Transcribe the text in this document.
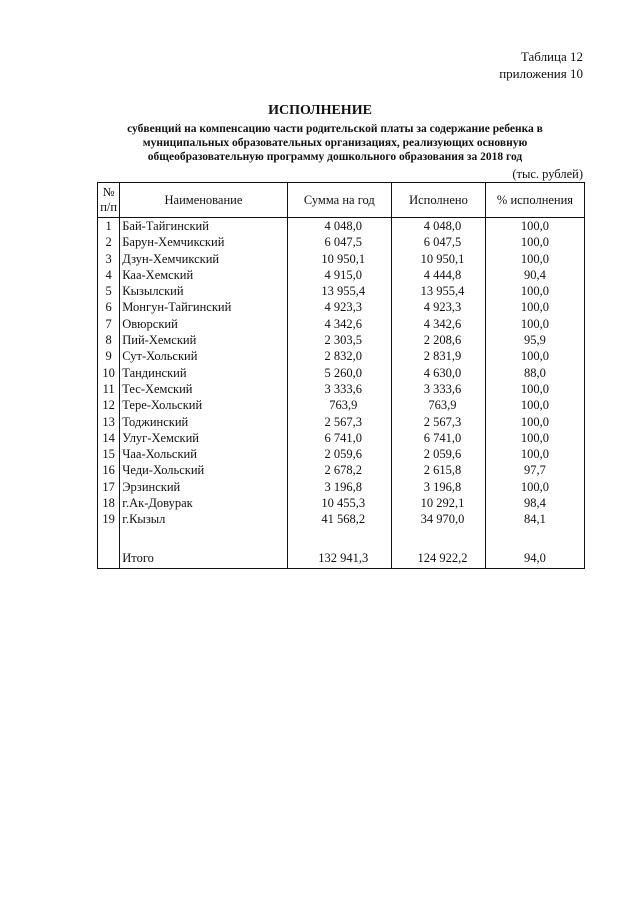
Таблица 12
приложения 10
ИСПОЛНЕНИЕ
субвенций на компенсацию части родительской платы за содержание ребенка в муниципальных образовательных организациях, реализующих основную общеобразовательную программу дошкольного образования за 2018 год
(тыс. рублей)
№ п/п	Наименование	Сумма на год	Исполнено	% исполнения
1	Бай-Тайгинский	4 048,0	4 048,0	100,0
2	Барун-Хемчикский	6 047,5	6 047,5	100,0
3	Дзун-Хемчикский	10 950,1	10 950,1	100,0
4	Каа-Хемский	4 915,0	4 444,8	90,4
5	Кызылский	13 955,4	13 955,4	100,0
6	Монгун-Тайгинский	4 923,3	4 923,3	100,0
7	Овюрский	4 342,6	4 342,6	100,0
8	Пий-Хемский	2 303,5	2 208,6	95,9
9	Сут-Хольский	2 832,0	2 831,9	100,0
10	Тандинский	5 260,0	4 630,0	88,0
11	Тес-Хемский	3 333,6	3 333,6	100,0
12	Тере-Хольский	763,9	763,9	100,0
13	Тоджинский	2 567,3	2 567,3	100,0
14	Улуг-Хемский	6 741,0	6 741,0	100,0
15	Чаа-Хольский	2 059,6	2 059,6	100,0
16	Чеди-Хольский	2 678,2	2 615,8	97,7
17	Эрзинский	3 196,8	3 196,8	100,0
18	г.Ак-Довурак	10 455,3	10 292,1	98,4
19	г.Кызыл	41 568,2	34 970,0	84,1

	Итого	132 941,3	124 922,2	94,0
